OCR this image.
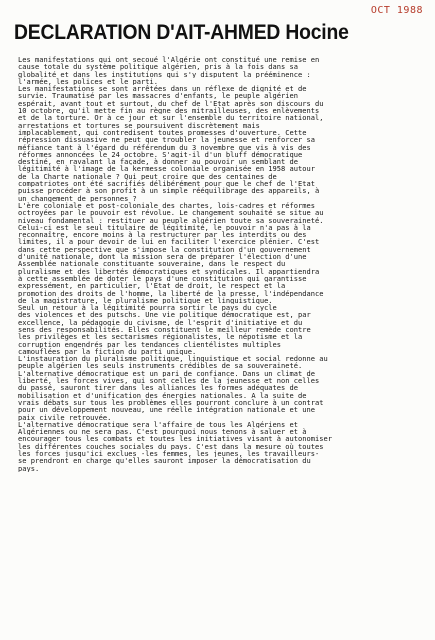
OCT 1988
DECLARATION D'AIT-AHMED Hocine
Les manifestations qui ont secoué l'Algérie ont constitué une remise en
cause totale du système politique algérien, pris à la fois dans sa
globalité et dans les institutions qui s'y disputent la prééminence :
l'armée, les polices et le parti.
Les manifestations se sont arrêtées dans un réflexe de dignité et de
survie. Traumatisé par les massacres d'enfants, le peuple algérien
espérait, avant tout et surtout, du chef de l'Etat après son discours du
10 octobre, qu'il mette fin au règne des mitrailleuses, des enlèvements
et de la torture. Or à ce jour et sur l'ensemble du territoire national,
arrestations et tortures se poursuivent discrètement mais
implacablement, qui contredisent toutes promesses d'ouverture. Cette
répression dissuasive ne peut que troubler la jeunesse et renforcer sa
méfiance tant à l'égard du référendum du 3 novembre que vis à vis des
réformes annoncées le 24 octobre. S'agit-il d'un bluff démocratique
destiné, en ravalant la façade, à donner au pouvoir un semblant de
légitimité à l'image de la kermesse coloniale organisée en 1958 autour
de la Charte nationale ? Qui peut croire que des centaines de
compatriotes ont été sacrifiés délibérément pour que le chef de l'Etat
puisse procéder à son profit à un simple rééquilibrage des appareils, à
un changement de personnes ?
L'ère coloniale et post-coloniale des chartes, lois-cadres et réformes
octroyées par le pouvoir est révolue. Le changement souhaité se situe au
niveau fondamental : restituer au peuple algérien toute sa souveraineté.
Celui-ci est le seul titulaire de légitimité, le pouvoir n'a pas à la
reconnaître, encore moins à la restructurer par les interdits ou des
limites, il a pour devoir de lui en faciliter l'exercice plénier. C'est
dans cette perspective que s'impose la constitution d'un gouvernement
d'unité nationale, dont la mission sera de préparer l'élection d'une
Assemblée nationale constituante souveraine, dans le respect du
pluralisme et des libertés démocratiques et syndicales. Il appartiendra
à cette assemblée de doter le pays d'une constitution qui garantisse
expressément, en particulier, l'Etat de droit, le respect et la
promotion des droits de l'homme, la liberté de la presse, l'indépendance
de la magistrature, le pluralisme politique et linguistique.
Seul un retour à la légitimité pourra sortir le pays du cycle
des violences et des putschs. Une vie politique démocratique est, par
excellence, la pédagogie du civisme, de l'esprit d'initiative et du
sens des responsabilités. Elles constituent le meilleur remède contre
les privilèges et les sectarismes régionalistes, le népotisme et la
corruption engendrés par les tendances clientélistes multiples
camouflées par la fiction du parti unique.
L'instauration du pluralisme politique, linguistique et social redonne au
peuple algérien les seuls instruments crédibles de sa souveraineté.
L'alternative démocratique est un pari de confiance. Dans un climat de
liberté, les forces vives, qui sont celles de la jeunesse et non celles
du passé, sauront tirer dans les alliances les formes adéquates de
mobilisation et d'unification des énergies nationales. A la suite de
vrais débats sur tous les problèmes elles pourront conclure à un contrat
pour un développement nouveau, une réelle intégration nationale et une
paix civile retrouvée.
L'alternative démocratique sera l'affaire de tous les Algériens et
Algériennes ou ne sera pas. C'est pourquoi nous tenons à saluer et à
encourager tous les combats et toutes les initiatives visant à autonomiser
les différentes couches sociales du pays. C'est dans la mesure où toutes
les forces jusqu'ici exclues -les femmes, les jeunes, les travailleurs-
se prendront en charge qu'elles sauront imposer la démocratisation du
pays.
